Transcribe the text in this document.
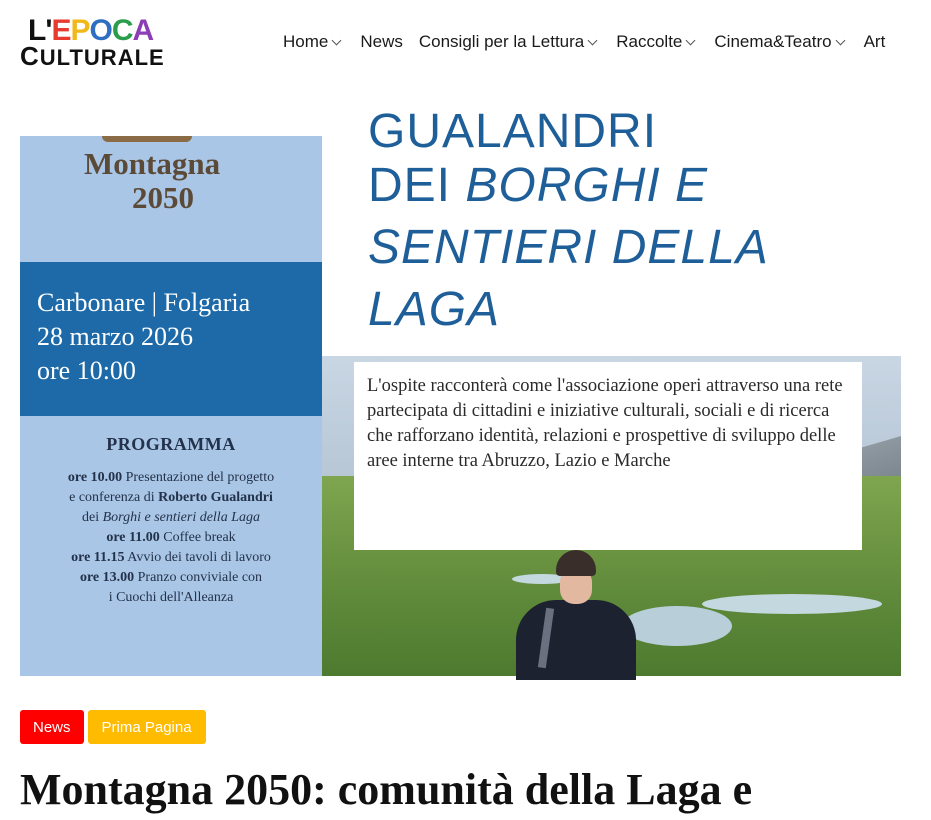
L'EPOCA
CULTURALE
Home News Consigli per la Lettura Raccolte Cinema&Teatro Art
Montagna
2050
Carbonare | Folgaria
28 marzo 2026
ore 10:00
PROGRAMMA
ore 10.00 Presentazione del progetto
e conferenza di Roberto Gualandri
dei Borghi e sentieri della Laga
ore 11.00 Coffee break
ore 11.15 Avvio dei tavoli di lavoro
ore 13.00 Pranzo conviviale con
i Cuochi dell'Alleanza
GUALANDRI
DEI BORGHI E
SENTIERI DELLA
LAGA
L'ospite racconterà come l'associazione operi attraverso una rete partecipata di cittadini e iniziative culturali, sociali e di ricerca che rafforzano identità, relazioni e prospettive di sviluppo delle aree interne tra Abruzzo, Lazio e Marche
News	Prima Pagina
Montagna 2050: comunità della Laga e
